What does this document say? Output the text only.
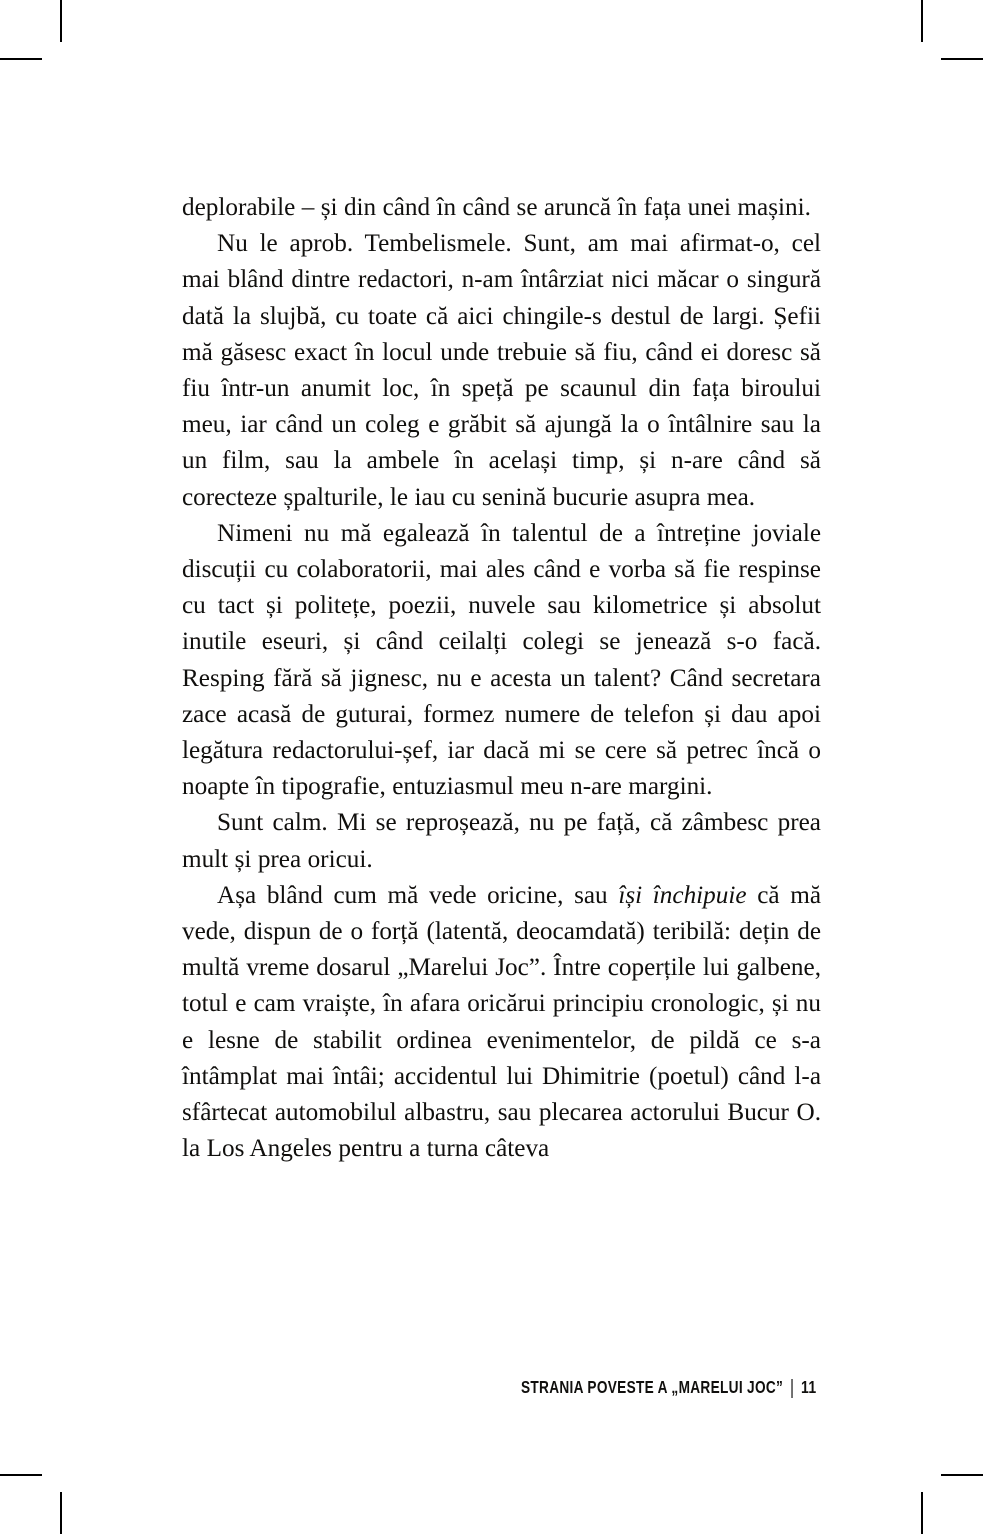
deplorabile – și din când în când se aruncă în fața unei mașini.

Nu le aprob. Tembelismele. Sunt, am mai afirmat-o, cel mai blând dintre redactori, n-am întârziat nici măcar o singură dată la slujbă, cu toate că aici chingile-s destul de largi. Șefii mă găsesc exact în locul unde trebuie să fiu, când ei doresc să fiu într-un anumit loc, în speță pe scaunul din fața biroului meu, iar când un coleg e grăbit să ajungă la o întâlnire sau la un film, sau la ambele în același timp, și n-are când să corecteze șpalturile, le iau cu senină bucurie asupra mea.

Nimeni nu mă egalează în talentul de a întreține joviale discuții cu colaboratorii, mai ales când e vorba să fie respinse cu tact și politețe, poezii, nuvele sau kilometrice și absolut inutile eseuri, și când ceilalți colegi se jenează s-o facă. Resping fără să jignesc, nu e acesta un talent? Când secretara zace acasă de guturai, formez numere de telefon și dau apoi legătura redactorului-șef, iar dacă mi se cere să petrec încă o noapte în tipografie, entuziasmul meu n-are margini.

Sunt calm. Mi se reproșează, nu pe față, că zâmbesc prea mult și prea oricui.

Așa blând cum mă vede oricine, sau își închipuie că mă vede, dispun de o forță (latentă, deocamdată) teribilă: dețin de multă vreme dosarul „Marelui Joc”. Între coperțile lui galbene, totul e cam vraiște, în afara oricărui principiu cronologic, și nu e lesne de stabilit ordinea evenimentelor, de pildă ce s-a întâmplat mai întâi; accidentul lui Dhimitrie (poetul) când l-a sfârtecat automobilul albastru, sau plecarea actorului Bucur O. la Los Angeles pentru a turna câteva

STRANIA POVESTE A „MARELUI JOC” | 11
